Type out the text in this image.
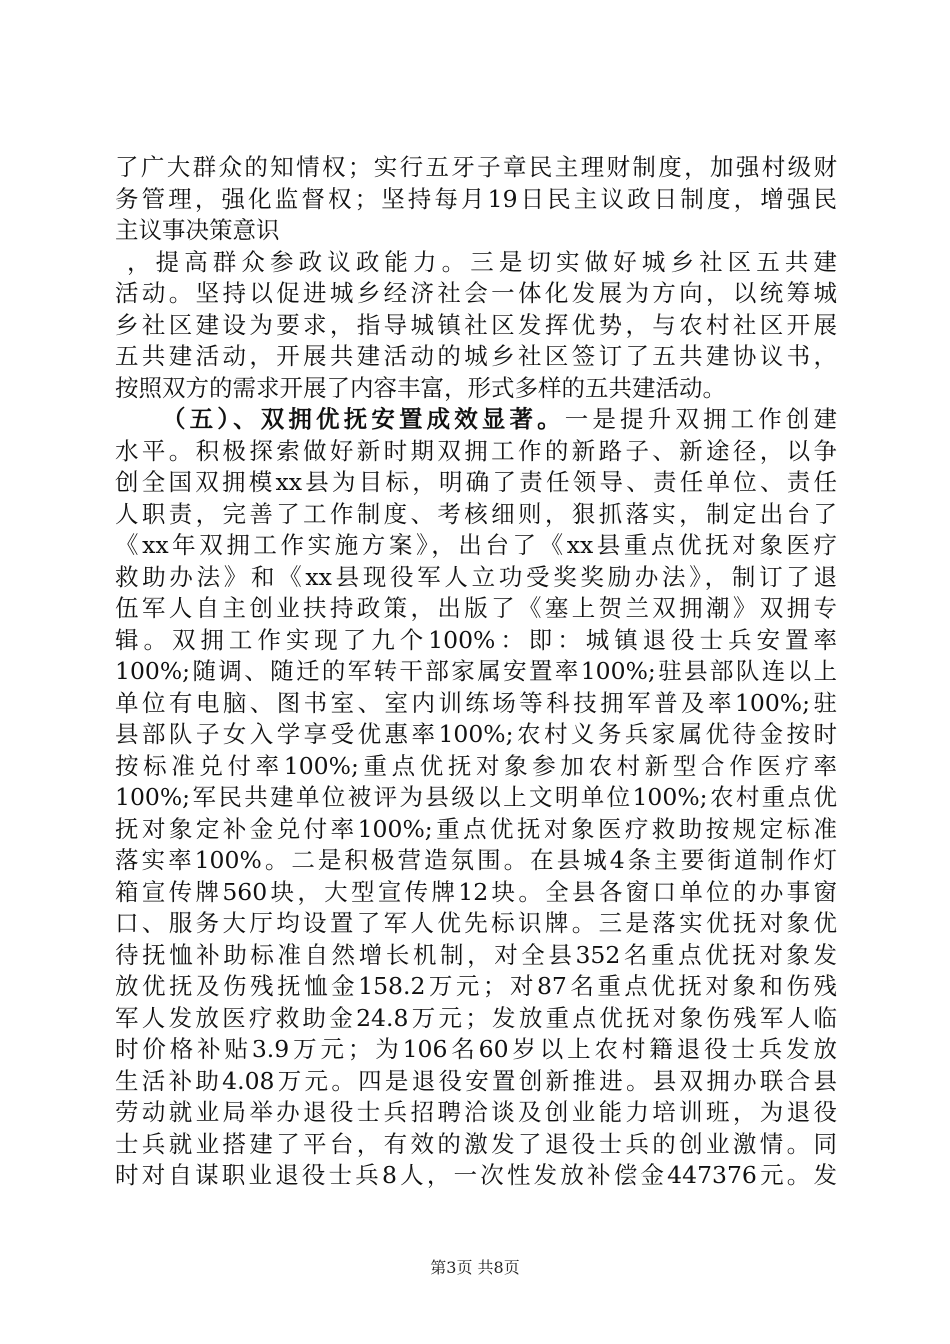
了广大群众的知情权；实行五牙子章民主理财制度，加强村级财
务管理，强化监督权；坚持每月19日民主议政日制度，增强民
主议事决策意识
，提高群众参政议政能力。三是切实做好城乡社区五共建
活动。坚持以促进城乡经济社会一体化发展为方向，以统筹城
乡社区建设为要求，指导城镇社区发挥优势，与农村社区开展
五共建活动，开展共建活动的城乡社区签订了五共建协议书，
按照双方的需求开展了内容丰富，形式多样的五共建活动。
（五）、双拥优抚安置成效显著。一是提升双拥工作创建
水平。积极探索做好新时期双拥工作的新路子、新途径，以争
创全国双拥模xx县为目标，明确了责任领导、责任单位、责任
人职责，完善了工作制度、考核细则，狠抓落实，制定出台了
《xx年双拥工作实施方案》，出台了《xx县重点优抚对象医疗
救助办法》和《xx县现役军人立功受奖奖励办法》，制订了退
伍军人自主创业扶持政策，出版了《塞上贺兰双拥潮》双拥专
辑。双拥工作实现了九个100%：即：城镇退役士兵安置率
100%;随调、随迁的军转干部家属安置率100%;驻县部队连以上
单位有电脑、图书室、室内训练场等科技拥军普及率100%;驻
县部队子女入学享受优惠率100%;农村义务兵家属优待金按时
按标准兑付率100%;重点优抚对象参加农村新型合作医疗率
100%;军民共建单位被评为县级以上文明单位100%;农村重点优
抚对象定补金兑付率100%;重点优抚对象医疗救助按规定标准
落实率100%。二是积极营造氛围。在县城4条主要街道制作灯
箱宣传牌560块，大型宣传牌12块。全县各窗口单位的办事窗
口、服务大厅均设置了军人优先标识牌。三是落实优抚对象优
待抚恤补助标准自然增长机制，对全县352名重点优抚对象发
放优抚及伤残抚恤金158.2万元；对87名重点优抚对象和伤残
军人发放医疗救助金24.8万元；发放重点优抚对象伤残军人临
时价格补贴3.9万元；为106名60岁以上农村籍退役士兵发放
生活补助4.08万元。四是退役安置创新推进。县双拥办联合县
劳动就业局举办退役士兵招聘洽谈及创业能力培训班，为退役
士兵就业搭建了平台，有效的激发了退役士兵的创业激情。同
时对自谋职业退役士兵8人，一次性发放补偿金447376元。发
第3页 共8页
